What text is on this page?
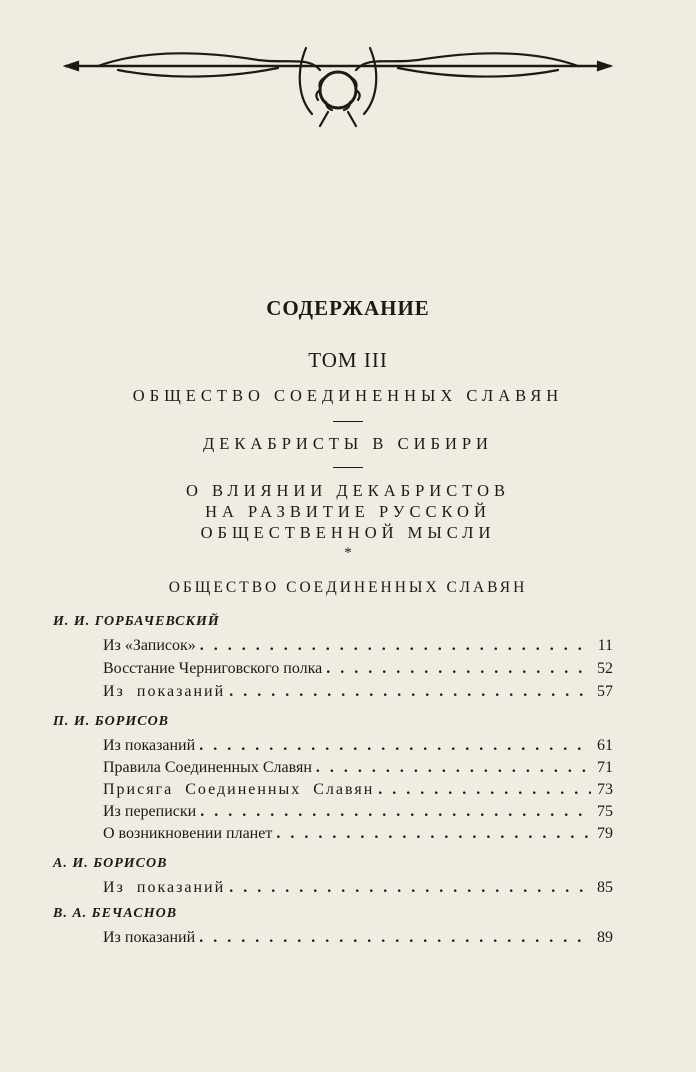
СОДЕРЖАНИЕ
ТОМ III
ОБЩЕСТВО СОЕДИНЕННЫХ СЛАВЯН
ДЕКАБРИСТЫ В СИБИРИ
О ВЛИЯНИИ ДЕКАБРИСТОВ
НА РАЗВИТИЕ РУССКОЙ
ОБЩЕСТВЕННОЙ МЫСЛИ
*
ОБЩЕСТВО СОЕДИНЕННЫХ СЛАВЯН
И. И. ГОРБАЧЕВСКИЙ
Из «Записок» . . .	11
Восстание Черниговского полка . . .	52
Из показаний . . .	57
П. И. БОРИСОВ
Из показаний . . .	61
Правила Соединенных Славян . . .	71
Присяга Соединенных Славян . . .	73
Из переписки . . .	75
О возникновении планет . . .	79
А. И. БОРИСОВ
Из показаний . . .	85
В. А. БЕЧАСНОВ
Из показаний . . .	89
